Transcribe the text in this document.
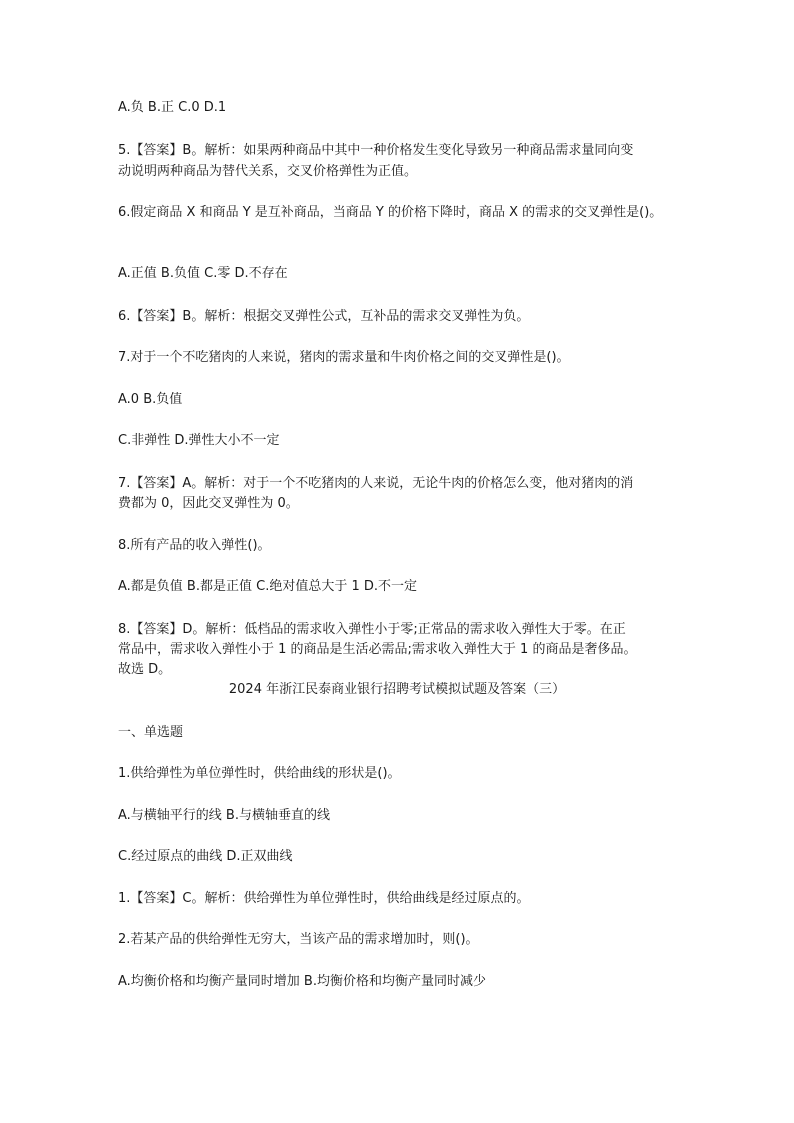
A.负 B.正 C.0 D.1

5.【答案】B。解析：如果两种商品中其中一种价格发生变化导致另一种商品需求量同向变

动说明两种商品为替代关系，交叉价格弹性为正值。

6.假定商品 X 和商品 Y 是互补商品，当商品 Y 的价格下降时，商品 X 的需求的交叉弹性是()。

A.正值 B.负值 C.零 D.不存在

6.【答案】B。解析：根据交叉弹性公式，互补品的需求交叉弹性为负。

7.对于一个不吃猪肉的人来说，猪肉的需求量和牛肉价格之间的交叉弹性是()。

A.0 B.负值

C.非弹性 D.弹性大小不一定

7.【答案】A。解析：对于一个不吃猪肉的人来说，无论牛肉的价格怎么变，他对猪肉的消

费都为 0，因此交叉弹性为 0。

8.所有产品的收入弹性()。

A.都是负值 B.都是正值 C.绝对值总大于 1 D.不一定

8.【答案】D。解析：低档品的需求收入弹性小于零;正常品的需求收入弹性大于零。在正

常品中，需求收入弹性小于 1 的商品是生活必需品;需求收入弹性大于 1 的商品是奢侈品。

故选 D。

2024 年浙江民泰商业银行招聘考试模拟试题及答案（三）

一、单选题

1.供给弹性为单位弹性时，供给曲线的形状是()。

A.与横轴平行的线 B.与横轴垂直的线

C.经过原点的曲线 D.正双曲线

1.【答案】C。解析：供给弹性为单位弹性时，供给曲线是经过原点的。

2.若某产品的供给弹性无穷大，当该产品的需求增加时，则()。

A.均衡价格和均衡产量同时增加 B.均衡价格和均衡产量同时减少
